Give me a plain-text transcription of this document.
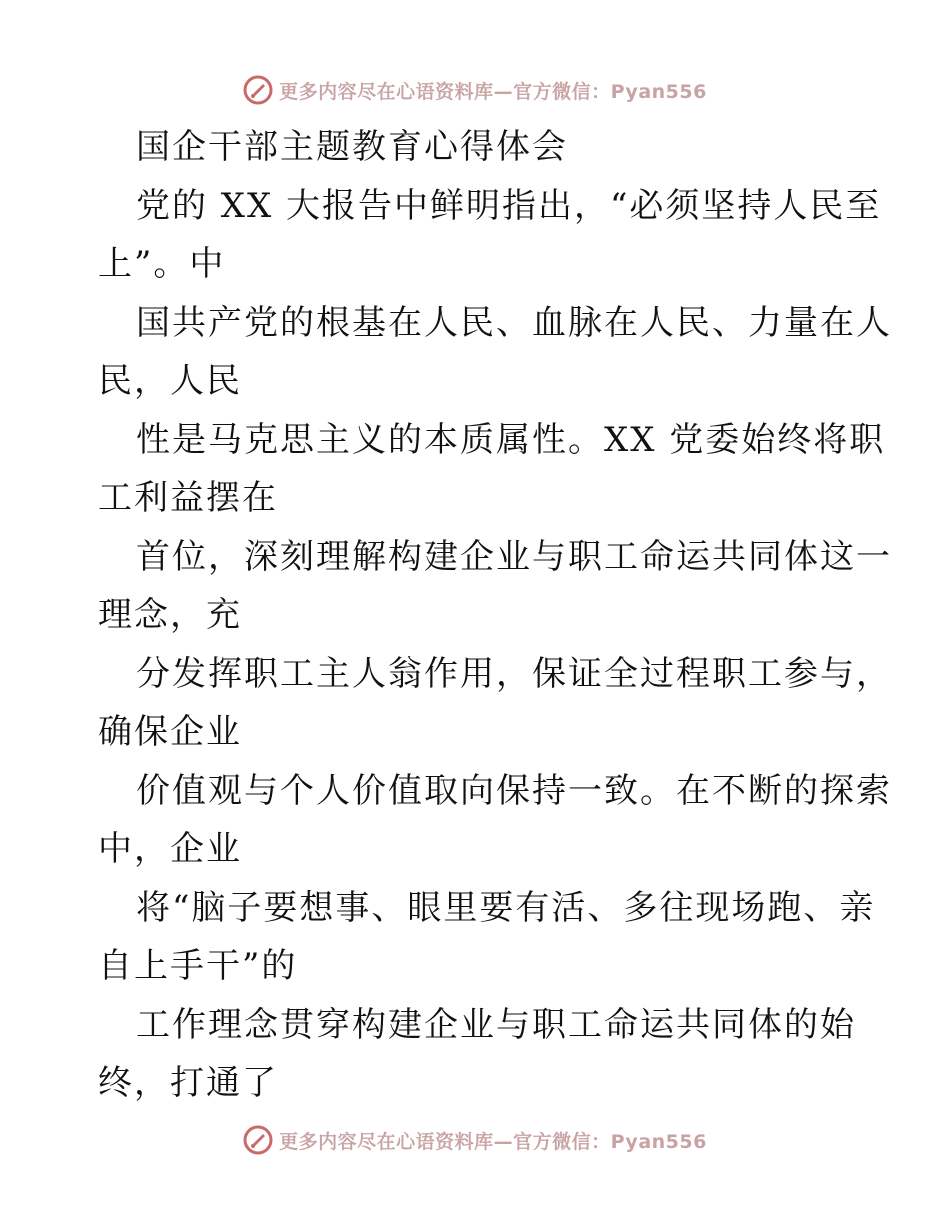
更多内容尽在心语资料库—官方微信：Pyan556
国企干部主题教育心得体会
党的 XX 大报告中鲜明指出，“必须坚持人民至
上”。中
国共产党的根基在人民、血脉在人民、力量在人
民，人民
性是马克思主义的本质属性。XX 党委始终将职
工利益摆在
首位，深刻理解构建企业与职工命运共同体这一
理念，充
分发挥职工主人翁作用，保证全过程职工参与，
确保企业
价值观与个人价值取向保持一致。在不断的探索
中，企业
将“脑子要想事、眼里要有活、多往现场跑、亲
自上手干”的
工作理念贯穿构建企业与职工命运共同体的始
终，打通了
更多内容尽在心语资料库—官方微信：Pyan556
